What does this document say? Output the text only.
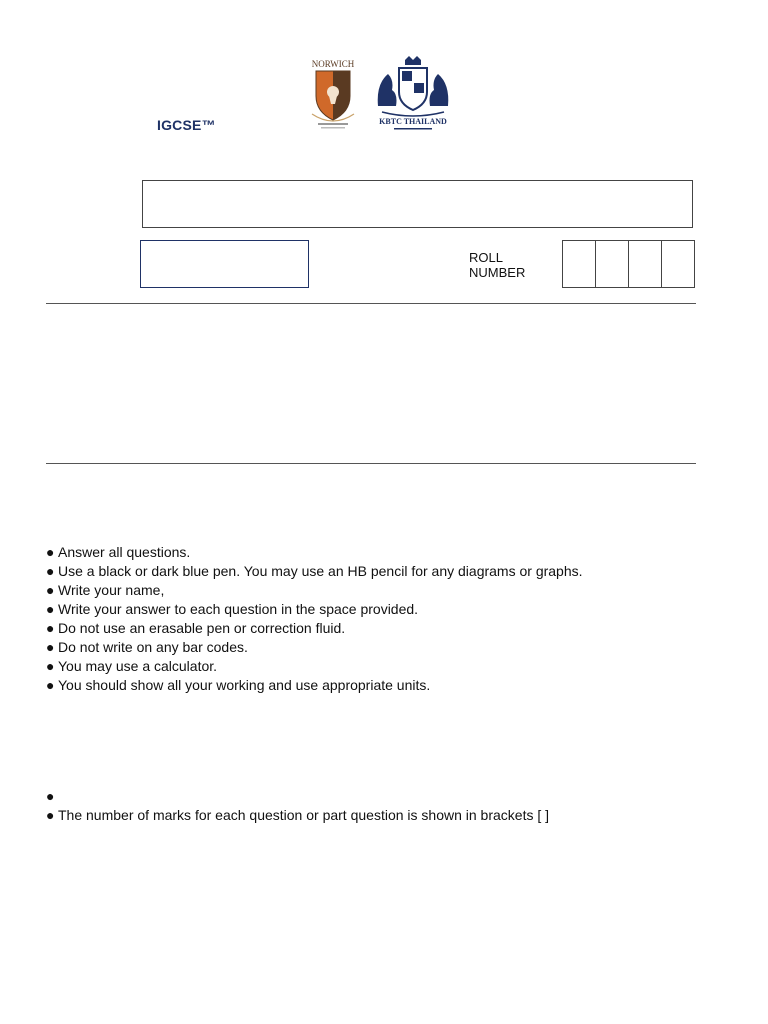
IGCSE™
NORWICH
KBTC THAILAND
ROLL
NUMBER
● Answer all questions.
● Use a black or dark blue pen. You may use an HB pencil for any diagrams or graphs.
● Write your name,
● Write your answer to each question in the space provided.
● Do not use an erasable pen or correction fluid.
● Do not write on any bar codes.
● You may use a calculator.
● You should show all your working and use appropriate units.
●
● The number of marks for each question or part question is shown in brackets [ ]
